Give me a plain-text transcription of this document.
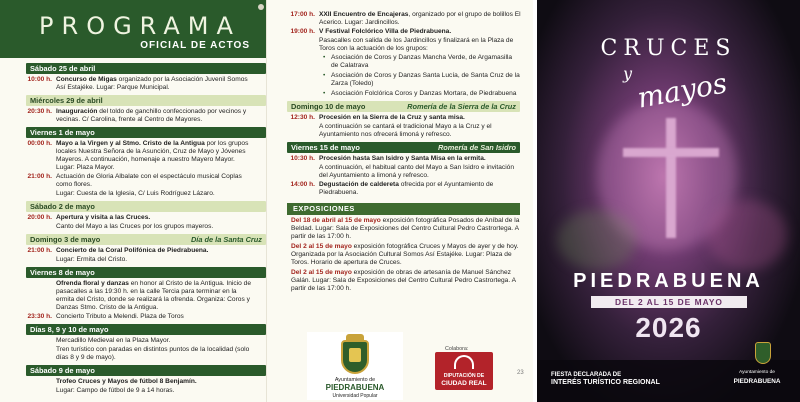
PROGRAMA
OFICIAL DE ACTOS
Sábado 25 de abril
10:00 h. Concurso de Migas organizado por la Asociación Juvenil Somos Así Estajéke. Lugar: Parque Municipal.
Miércoles 29 de abril
20:30 h. Inauguración del toldo de ganchillo confeccionado por vecinos y vecinas. C/ Carolina, frente al Centro de Mayores.
Viernes 1 de mayo
00:00 h. Mayo a la Virgen y al Stmo. Cristo de la Antigua por los grupos locales Nuestra Señora de la Asunción, Cruz de Mayo y Jóvenes Mayeros. A continuación, homenaje a nuestro Mayero Mayor. Lugar: Plaza Mayor.
21:00 h. Actuación de Gloria Albalate con el espectáculo musical Coplas como flores.
Lugar: Cuesta de la Iglesia, C/ Luis Rodríguez Lázaro.
Sábado 2 de mayo
20:00 h. Apertura y visita a las Cruces.
Canto del Mayo a las Cruces por los grupos mayeros.
Domingo 3 de mayo	Día de la Santa Cruz
21:00 h. Concierto de la Coral Polifónica de Piedrabuena.
Lugar: Ermita del Cristo.
Viernes 8 de mayo
Ofrenda floral y danzas en honor al Cristo de la Antigua. Inicio de pasacalles a las 19:30 h. en la calle Tercia para terminar en la ermita del Cristo, donde se realizará la ofrenda. Organiza: Coros y Danzas Stmo. Cristo de la Antigua.
23:30 h. Concierto Tributo a Melendi. Plaza de Toros
Días 8, 9 y 10 de mayo
Mercadillo Medieval en la Plaza Mayor.
Tren turístico con paradas en distintos puntos de la localidad (solo días 8 y 9 de mayo).
Sábado 9 de mayo
Trofeo Cruces y Mayos de fútbol 8 Benjamín.
Lugar: Campo de fútbol de 9 a 14 horas.
17:00 h. XXII Encuentro de Encajeras, organizado por el grupo de bolillos El Acerico. Lugar: Jardincillos.
19:00 h. V Festival Folclórico Villa de Piedrabuena.
Pasacalles con salida de los Jardincillos y finalizará en la Plaza de Toros con la actuación de los grupos:
• Asociación de Coros y Danzas Mancha Verde, de Argamasilla de Calatrava
• Asociación de Coros y Danzas Santa Lucía, de Santa Cruz de la Zarza (Toledo)
• Asociación Folclórica Coros y Danzas Mortara, de Piedrabuena
Domingo 10 de mayo	Romería de la Sierra de la Cruz
12:30 h. Procesión en la Sierra de la Cruz y santa misa.
A continuación se cantará el tradicional Mayo a la Cruz y el Ayuntamiento nos ofrecerá limoná y refresco.
Viernes 15 de mayo	Romería de San Isidro
10:30 h. Procesión hasta San Isidro y Santa Misa en la ermita.
A continuación, el habitual canto del Mayo a San Isidro e invitación del Ayuntamiento a limoná y refresco.
14:00 h. Degustación de caldereta ofrecida por el Ayuntamiento de Piedrabuena.
EXPOSICIONES
Del 18 de abril al 15 de mayo exposición fotográfica Posados de Aníbal de la Beldad. Lugar: Sala de Exposiciones del Centro Cultural Pedro Castrortega. A partir de las 17:00 h.
Del 2 al 15 de mayo exposición fotográfica Cruces y Mayos de ayer y de hoy. Organizada por la Asociación Cultural Somos Así Estajéke. Lugar: Plaza de Toros. Horario de apertura de Cruces.
Del 2 al 15 de mayo exposición de obras de artesanía de Manuel Sánchez Galán. Lugar: Sala de Exposiciones del Centro Cultural Pedro Castrortega. A partir de las 17:00 h.
Ayuntamiento de
PIEDRABUENA
Universidad Popular
Colabora:
DIPUTACIÓN DE
CIUDAD REAL
23
CRUCES
y mayos
PIEDRABUENA
DEL 2 AL 15 DE MAYO
2026
FIESTA DECLARADA DE
INTERÉS TURÍSTICO REGIONAL
Ayuntamiento de
PIEDRABUENA
